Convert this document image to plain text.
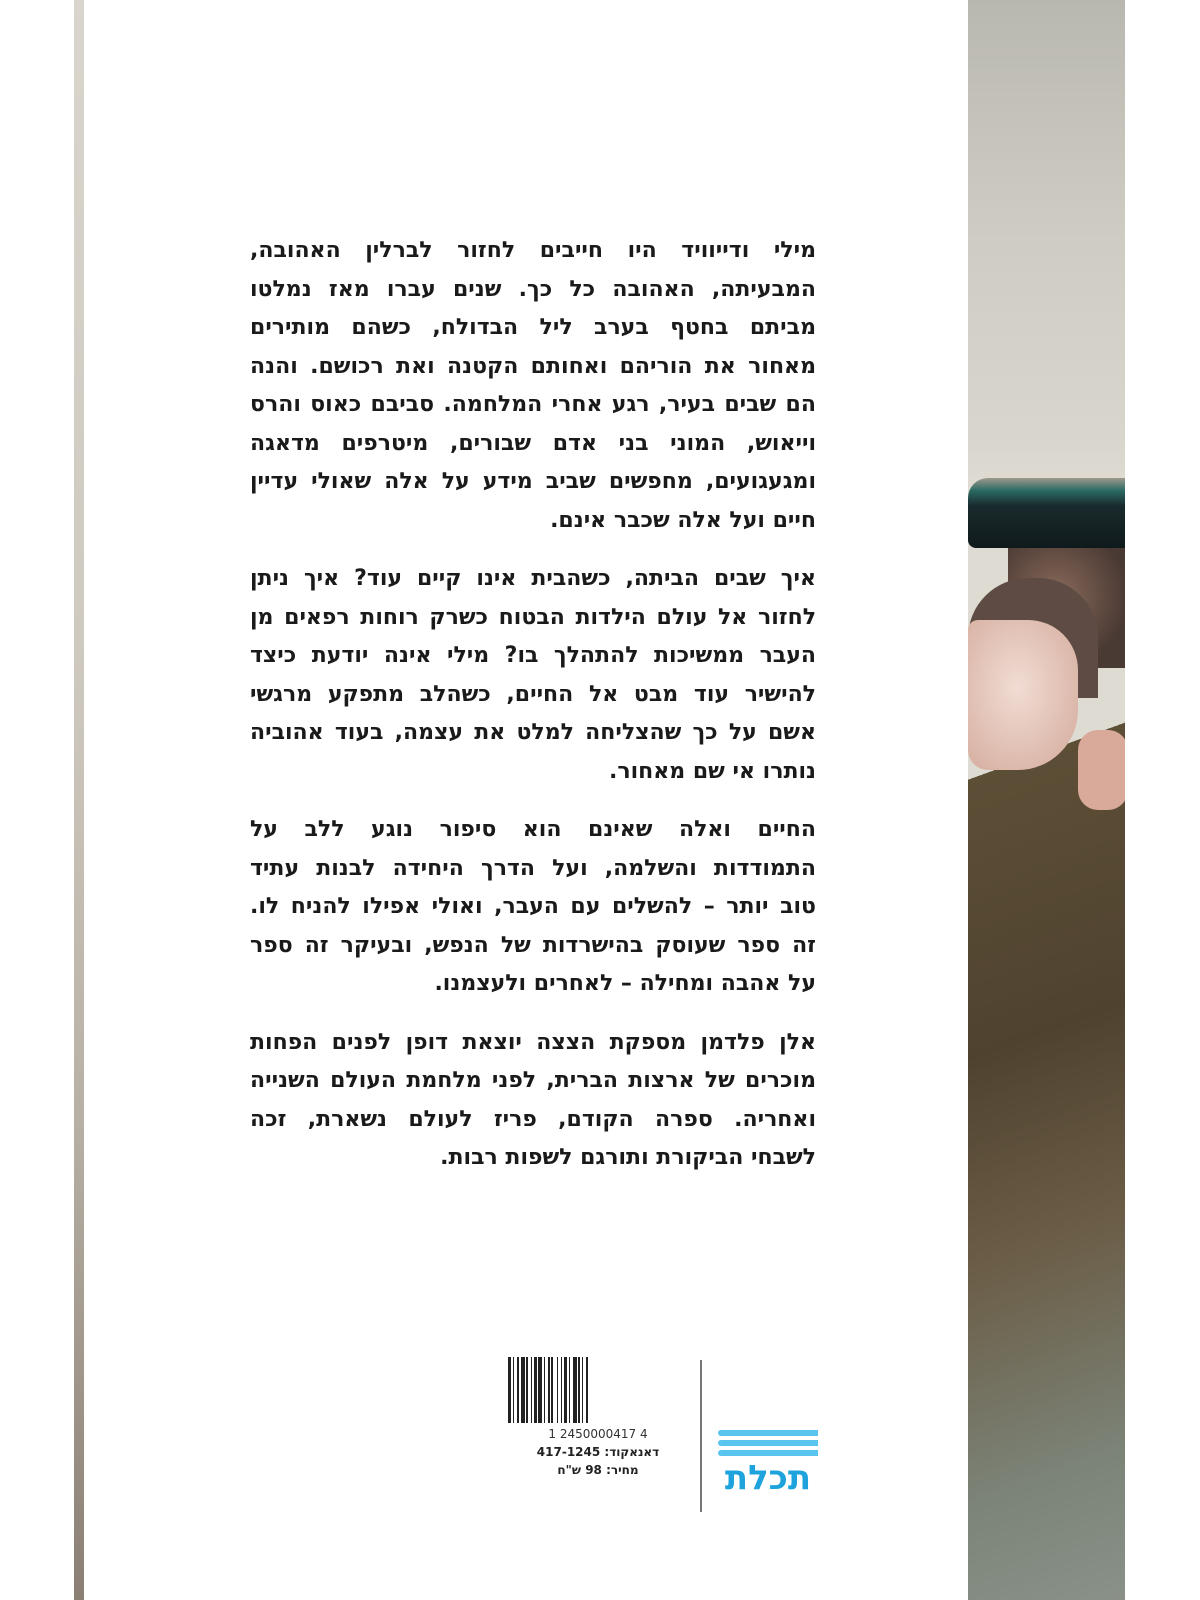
מילי ודייוויד היו חייבים לחזור לברלין האהובה,
המבעיתה, האהובה כל כך. שנים עברו מאז נמלטו
מביתם בחטף בערב ליל הבדולח, כשהם מותירים
מאחור את הוריהם ואחותם הקטנה ואת רכושם. והנה
הם שבים בעיר, רגע אחרי המלחמה. סביבם כאוס והרס
וייאוש, המוני בני אדם שבורים, מיטרפים מדאגה
ומגעגועים, מחפשים שביב מידע על אלה שאולי עדיין
חיים ועל אלה שכבר אינם.
איך שבים הביתה, כשהבית אינו קיים עוד? איך ניתן
לחזור אל עולם הילדות הבטוח כשרק רוחות רפאים מן
העבר ממשיכות להתהלך בו? מילי אינה יודעת כיצד
להישיר עוד מבט אל החיים, כשהלב מתפקע מרגשי
אשם על כך שהצליחה למלט את עצמה, בעוד אהוביה
נותרו אי שם מאחור.
החיים ואלה שאינם הוא סיפור נוגע ללב על
התמודדות והשלמה, ועל הדרך היחידה לבנות עתיד
טוב יותר – להשלים עם העבר, ואולי אפילו להניח לו.
זה ספר שעוסק בהישרדות של הנפש, ובעיקר זה ספר
על אהבה ומחילה – לאחרים ולעצמנו.
אלן פלדמן מספקת הצצה יוצאת דופן לפנים הפחות
מוכרים של ארצות הברית, לפני מלחמת העולם השנייה
ואחריה. ספרה הקודם, פריז לעולם נשארת, זכה
לשבחי הביקורת ותורגם לשפות רבות.
1 2450000417 4
דאנאקוד: 417-1245
מחיר: 98 ש"ח	תכלת
